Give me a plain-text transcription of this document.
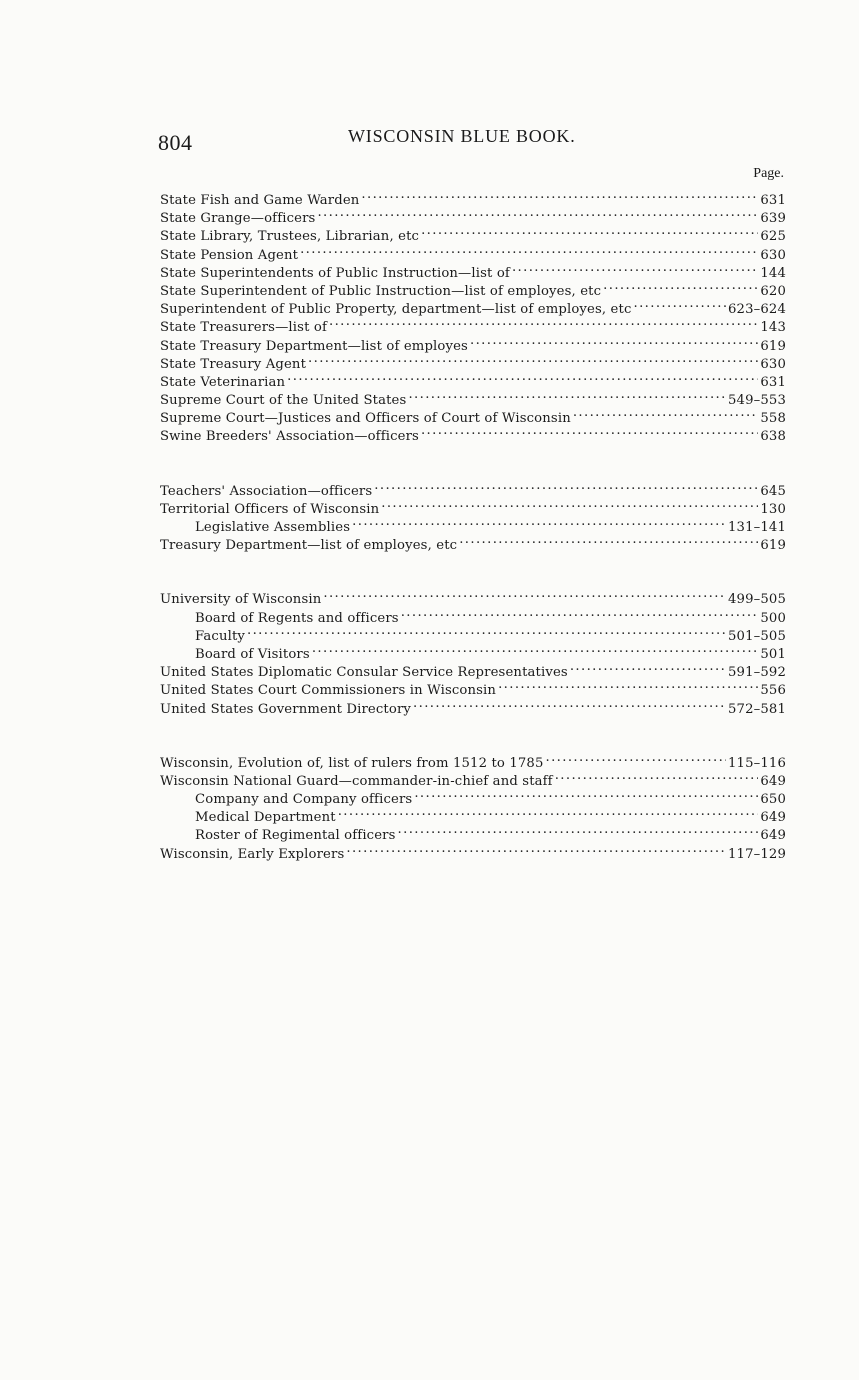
804	WISCONSIN BLUE BOOK.
Page.
State Fish and Game Warden . . .	631
State Grange—officers . . .	639
State Library, Trustees, Librarian, etc . . .	625
State Pension Agent . . .	630
State Superintendents of Public Instruction—list of . . .	144
State Superintendent of Public Instruction—list of employes, etc . . .	620
Superintendent of Public Property, department—list of employes, etc . . .	623–624
State Treasurers—list of . . .	143
State Treasury Department—list of employes . . .	619
State Treasury Agent . . .	630
State Veterinarian . . .	631
Supreme Court of the United States . . .	549–553
Supreme Court—Justices and Officers of Court of Wisconsin . . .	558
Swine Breeders' Association—officers . . .	638
Teachers' Association—officers . . .	645
Territorial Officers of Wisconsin . . .	130
Legislative Assemblies . . .	131–141
Treasury Department—list of employes, etc . . .	619
University of Wisconsin . . .	499–505
Board of Regents and officers . . .	500
Faculty . . .	501–505
Board of Visitors . . .	501
United States Diplomatic Consular Service Representatives . . .	591–592
United States Court Commissioners in Wisconsin . . .	556
United States Government Directory . . .	572–581
Wisconsin, Evolution of, list of rulers from 1512 to 1785 . . .	115–116
Wisconsin National Guard—commander-in-chief and staff . . .	649
Company and Company officers . . .	650
Medical Department . . .	649
Roster of Regimental officers . . .	649
Wisconsin, Early Explorers . . .	117–129
